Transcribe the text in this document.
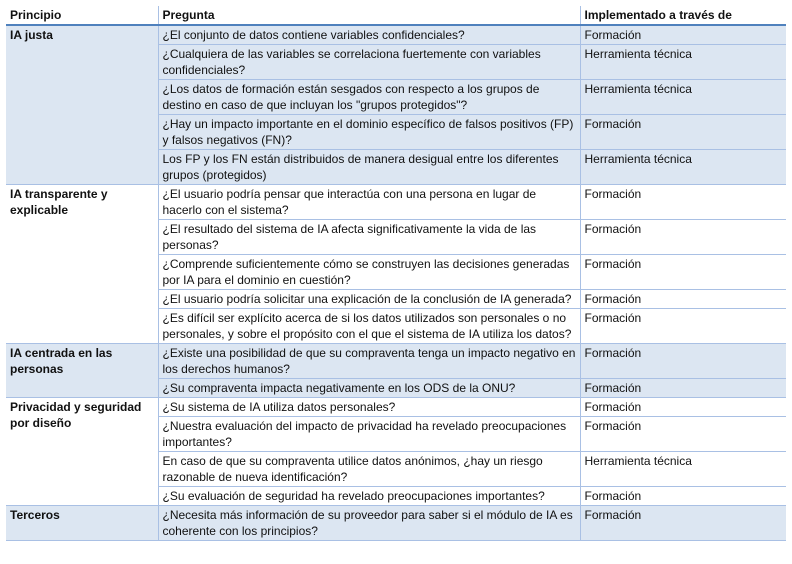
Principio	Pregunta	Implementado a través de
IA justa	¿El conjunto de datos contiene variables confidenciales?	Formación
	¿Cualquiera de las variables se correlaciona fuertemente con variables confidenciales?	Herramienta técnica
	¿Los datos de formación están sesgados con respecto a los grupos de destino en caso de que incluyan los "grupos protegidos"?	Herramienta técnica
	¿Hay un impacto importante en el dominio específico de falsos positivos (FP) y falsos negativos (FN)?	Formación
	Los FP y los FN están distribuidos de manera desigual entre los diferentes grupos (protegidos)	Herramienta técnica
IA transparente y explicable	¿El usuario podría pensar que interactúa con una persona en lugar de hacerlo con el sistema?	Formación
	¿El resultado del sistema de IA afecta significativamente la vida de las personas?	Formación
	¿Comprende suficientemente cómo se construyen las decisiones generadas por IA para el dominio en cuestión?	Formación
	¿El usuario podría solicitar una explicación de la conclusión de IA generada?	Formación
	¿Es difícil ser explícito acerca de si los datos utilizados son personales o no personales, y sobre el propósito con el que el sistema de IA utiliza los datos?	Formación
IA centrada en las personas	¿Existe una posibilidad de que su compraventa tenga un impacto negativo en los derechos humanos?	Formación
	¿Su compraventa impacta negativamente en los ODS de la ONU?	Formación
Privacidad y seguridad por diseño	¿Su sistema de IA utiliza datos personales?	Formación
	¿Nuestra evaluación del impacto de privacidad ha revelado preocupaciones importantes?	Formación
	En caso de que su compraventa utilice datos anónimos, ¿hay un riesgo razonable de nueva identificación?	Herramienta técnica
	¿Su evaluación de seguridad ha revelado preocupaciones importantes?	Formación
Terceros	¿Necesita más información de su proveedor para saber si el módulo de IA es coherente con los principios?	Formación
